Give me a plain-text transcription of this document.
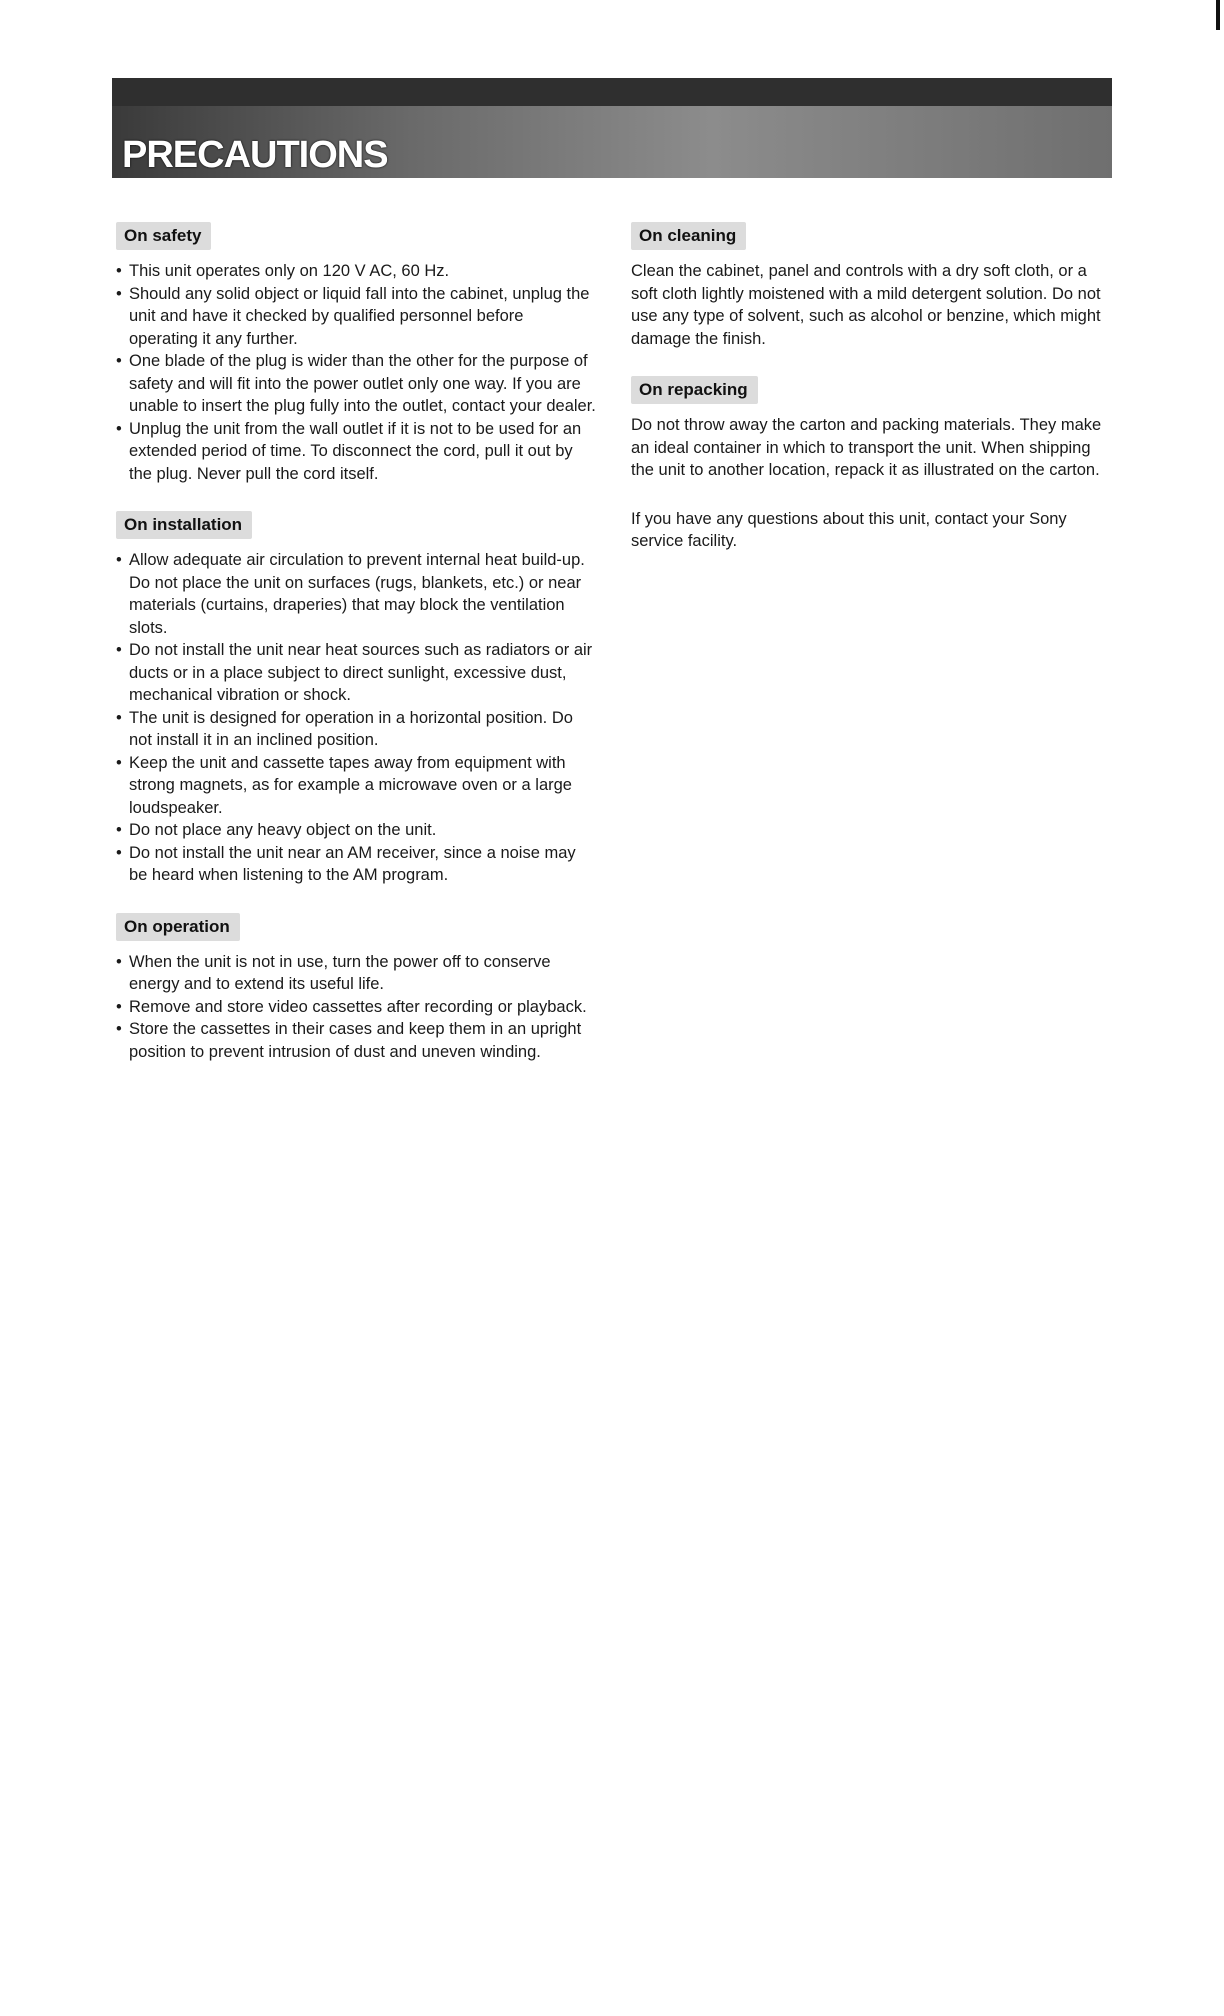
PRECAUTIONS
On safety
• This unit operates only on 120 V AC, 60 Hz.
• Should any solid object or liquid fall into the cabinet, unplug the unit and have it checked by qualified personnel before operating it any further.
• One blade of the plug is wider than the other for the purpose of safety and will fit into the power outlet only one way. If you are unable to insert the plug fully into the outlet, contact your dealer.
• Unplug the unit from the wall outlet if it is not to be used for an extended period of time. To disconnect the cord, pull it out by the plug. Never pull the cord itself.
On installation
• Allow adequate air circulation to prevent internal heat build-up. Do not place the unit on surfaces (rugs, blankets, etc.) or near materials (curtains, draperies) that may block the ventilation slots.
• Do not install the unit near heat sources such as radiators or air ducts or in a place subject to direct sunlight, excessive dust, mechanical vibration or shock.
• The unit is designed for operation in a horizontal position. Do not install it in an inclined position.
• Keep the unit and cassette tapes away from equipment with strong magnets, as for example a microwave oven or a large loudspeaker.
• Do not place any heavy object on the unit.
• Do not install the unit near an AM receiver, since a noise may be heard when listening to the AM program.
On operation
• When the unit is not in use, turn the power off to conserve energy and to extend its useful life.
• Remove and store video cassettes after recording or playback.
• Store the cassettes in their cases and keep them in an upright position to prevent intrusion of dust and uneven winding.
On cleaning

Clean the cabinet, panel and controls with a dry soft cloth, or a soft cloth lightly moistened with a mild detergent solution. Do not use any type of solvent, such as alcohol or benzine, which might damage the finish.

On repacking

Do not throw away the carton and packing materials. They make an ideal container in which to transport the unit. When shipping the unit to another location, repack it as illustrated on the carton.

If you have any questions about this unit, contact your Sony service facility.
